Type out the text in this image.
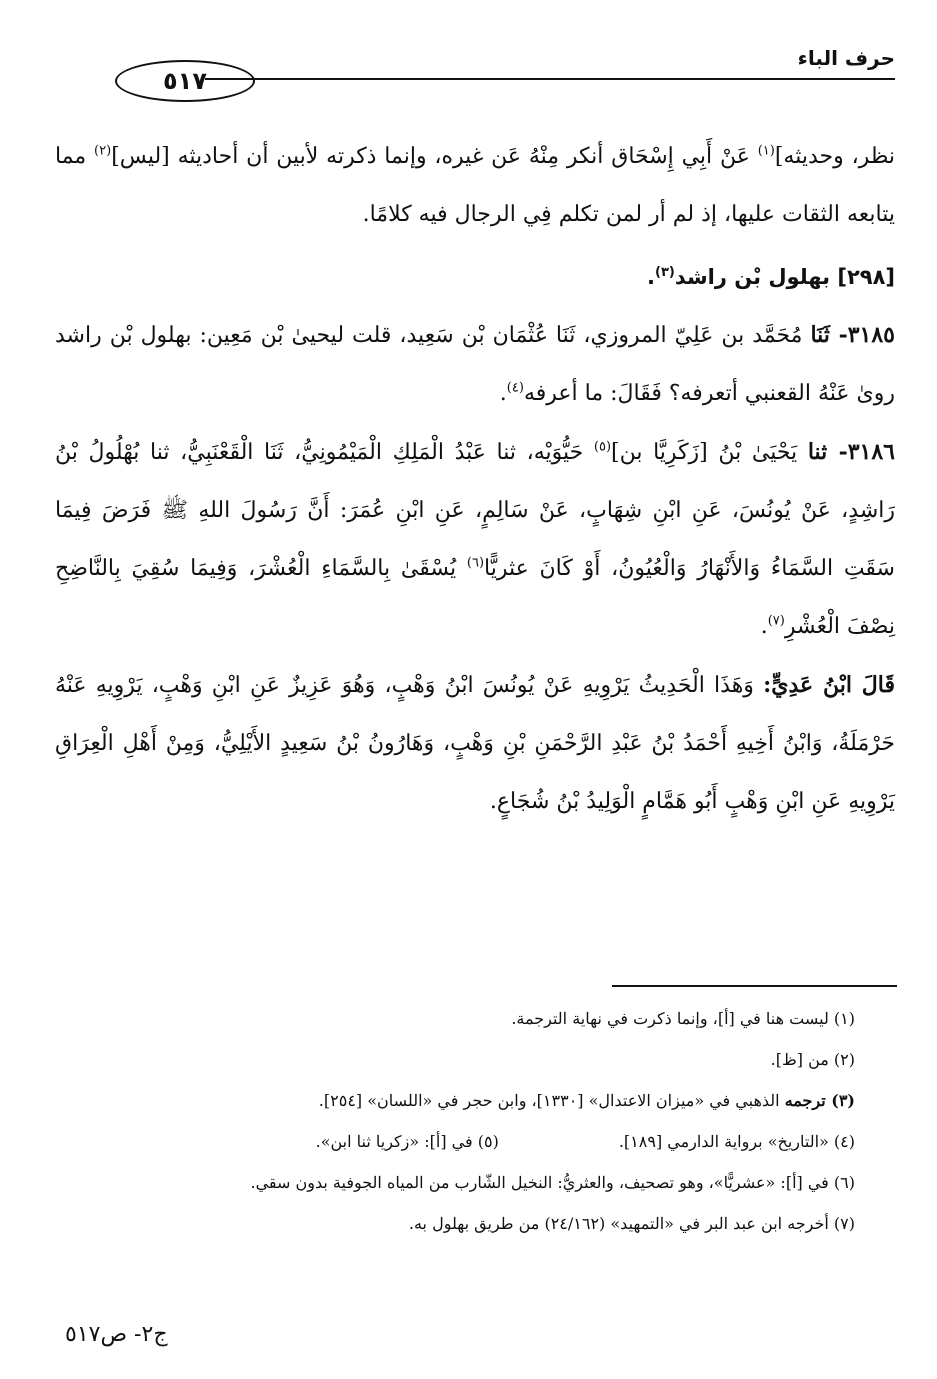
حرف الباء
٥١٧

نظر، وحديثه]$^{(١)}$ عَنْ أَبِي إِسْحَاق أنكر مِنْهُ عَن غيره، وإنما ذكرته لأبين أن أحاديثه [ليس]$^{(٢)}$ مما يتابعه الثقات عليها، إذ لم أر لمن تكلم فِي الرجال فيه كلامًا.

[٢٩٨] بهلول بْن راشد$^{(٣)}$.

٣١٨٥- ثَنَا مُحَمَّد بن عَلِيّ المروزي، ثَنَا عُثْمَان بْن سَعِيد، قلت ليحيىٰ بْن مَعِين: بهلول بْن راشد روىٰ عَنْهُ القعنبي أتعرفه؟ فَقَالَ: ما أعرفه$^{(٤)}$.

٣١٨٦- ثنا يَحْيَىٰ بْنُ [زَكَرِيَّا بن]$^{(٥)}$ حَيُّوَيْه، ثنا عَبْدُ الْمَلِكِ الْمَيْمُونِيُّ، ثَنَا الْقَعْنَبِيُّ، ثنا بُهْلُولُ بْنُ رَاشِدٍ، عَنْ يُونُسَ، عَنِ ابْنِ شِهَابٍ، عَنْ سَالِمٍ، عَنِ ابْنِ عُمَرَ: أَنَّ رَسُولَ اللهِ ﷺ فَرَضَ فِيمَا سَقَتِ السَّمَاءُ وَالأَنْهَارُ وَالْعُيُونُ، أَوْ كَانَ عثريًّا$^{(٦)}$ يُسْقَىٰ بِالسَّمَاءِ الْعُشْرَ، وَفِيمَا سُقِيَ بِالنَّاضِحِ نِصْفَ الْعُشْرِ$^{(٧)}$.

قَالَ ابْنُ عَدِيٍّ: وَهَذَا الْحَدِيثُ يَرْوِيهِ عَنْ يُونُسَ ابْنُ وَهْبٍ، وَهُوَ عَزِيزٌ عَنِ ابْنِ وَهْبٍ، يَرْوِيهِ عَنْهُ حَرْمَلَةُ، وَابْنُ أَخِيهِ أَحْمَدُ بْنُ عَبْدِ الرَّحْمَنِ بْنِ وَهْبٍ، وَهَارُونُ بْنُ سَعِيدٍ الأَيْلِيُّ، وَمِنْ أَهْلِ الْعِرَاقِ يَرْوِيهِ عَنِ ابْنِ وَهْبٍ أَبُو هَمَّامٍ الْوَلِيدُ بْنُ شُجَاعٍ.

(١) ليست هنا في [أ]، وإنما ذكرت في نهاية الترجمة.

(٢) من [ظ].

(٣) ترجمه الذهبي في «ميزان الاعتدال» [١٣٣٠]، وابن حجر في «اللسان» [٢٥٤].

(٤) «التاريخ» برواية الدارمي [١٨٩].
(٥) في [أ]: «زكريا ثنا ابن».

(٦) في [أ]: «عشريًّا»، وهو تصحيف، والعثريُّ: النخيل الشّارب من المياه الجوفية بدون سقي.

(٧) أخرجه ابن عبد البر في «التمهيد» (٢٤/١٦٢) من طريق بهلول به.

ج٢- ص٥١٧
